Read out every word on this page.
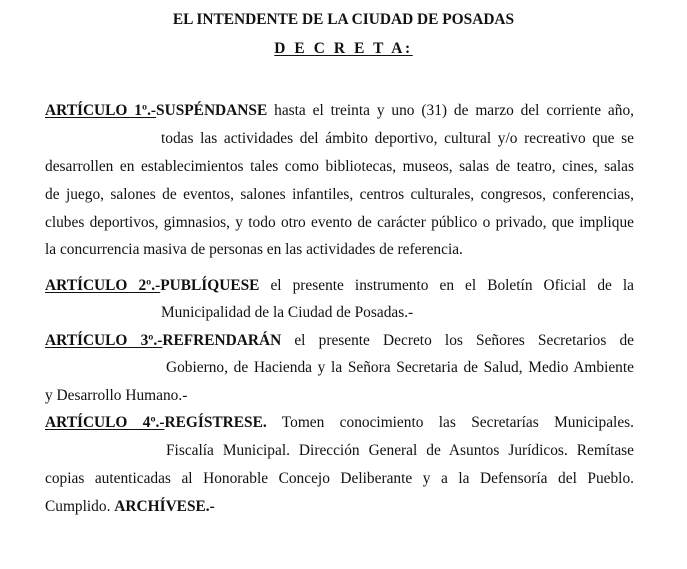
EL INTENDENTE DE LA CIUDAD DE POSADAS
D E C R E T A:
ARTÍCULO 1º.-SUSPÉNDANSE hasta el treinta y uno (31) de marzo del corriente año,
todas las actividades del ámbito deportivo, cultural y/o recreativo que se
desarrollen en establecimientos tales como bibliotecas, museos, salas de teatro, cines, salas
de juego, salones de eventos, salones infantiles, centros culturales, congresos, conferencias,
clubes deportivos, gimnasios, y todo otro evento de carácter público o privado, que implique
la concurrencia masiva de personas en las actividades de referencia.
ARTÍCULO 2º.-PUBLÍQUESE el presente instrumento en el Boletín Oficial de la
Municipalidad de la Ciudad de Posadas.-
ARTÍCULO 3º.-REFRENDARÁN el presente Decreto los Señores Secretarios de
Gobierno, de Hacienda y la Señora Secretaria de Salud, Medio Ambiente
y Desarrollo Humano.-
ARTÍCULO 4º.-REGÍSTRESE. Tomen conocimiento las Secretarías Municipales.
Fiscalía Municipal. Dirección General de Asuntos Jurídicos. Remítase
copias autenticadas al Honorable Concejo Deliberante y a la Defensoría del Pueblo.
Cumplido. ARCHÍVESE.-
